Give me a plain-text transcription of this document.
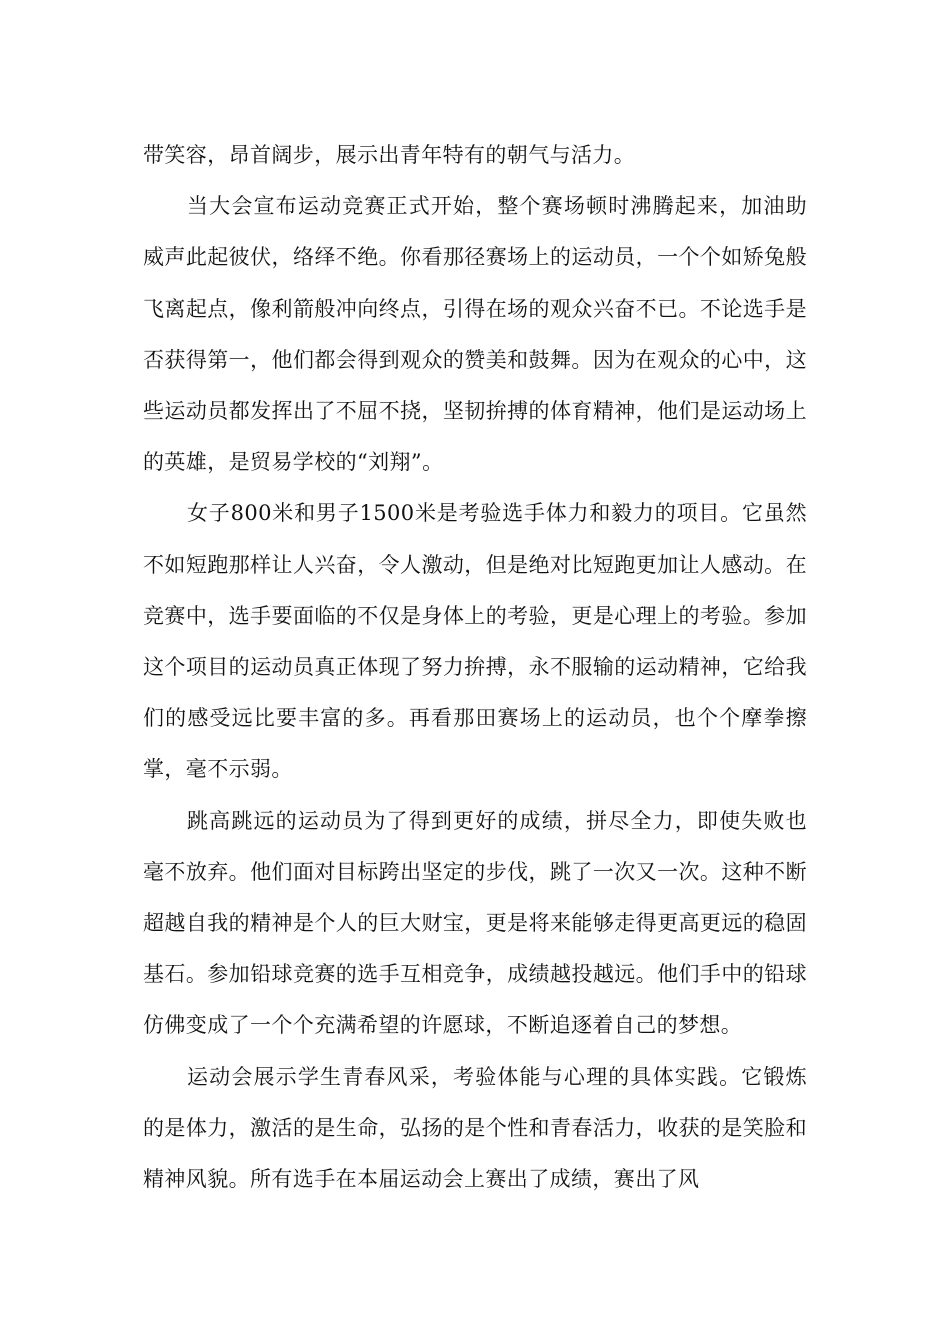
带笑容，昂首阔步，展示出青年特有的朝气与活力。

当大会宣布运动竞赛正式开始，整个赛场顿时沸腾起来，加油助威声此起彼伏，络绎不绝。你看那径赛场上的运动员，一个个如矫兔般飞离起点，像利箭般冲向终点，引得在场的观众兴奋不已。不论选手是否获得第一，他们都会得到观众的赞美和鼓舞。因为在观众的心中，这些运动员都发挥出了不屈不挠，坚韧拚搏的体育精神，他们是运动场上的英雄，是贸易学校的“刘翔”。

女子800米和男子1500米是考验选手体力和毅力的项目。它虽然不如短跑那样让人兴奋，令人激动，但是绝对比短跑更加让人感动。在竞赛中，选手要面临的不仅是身体上的考验，更是心理上的考验。参加这个项目的运动员真正体现了努力拚搏，永不服输的运动精神，它给我们的感受远比要丰富的多。再看那田赛场上的运动员，也个个摩拳擦掌，毫不示弱。

跳高跳远的运动员为了得到更好的成绩，拼尽全力，即使失败也毫不放弃。他们面对目标跨出坚定的步伐，跳了一次又一次。这种不断超越自我的精神是个人的巨大财宝，更是将来能够走得更高更远的稳固基石。参加铅球竞赛的选手互相竞争，成绩越投越远。他们手中的铅球仿佛变成了一个个充满希望的许愿球，不断追逐着自己的梦想。

运动会展示学生青春风采，考验体能与心理的具体实践。它锻炼的是体力，激活的是生命，弘扬的是个性和青春活力，收获的是笑脸和精神风貌。所有选手在本届运动会上赛出了成绩，赛出了风
